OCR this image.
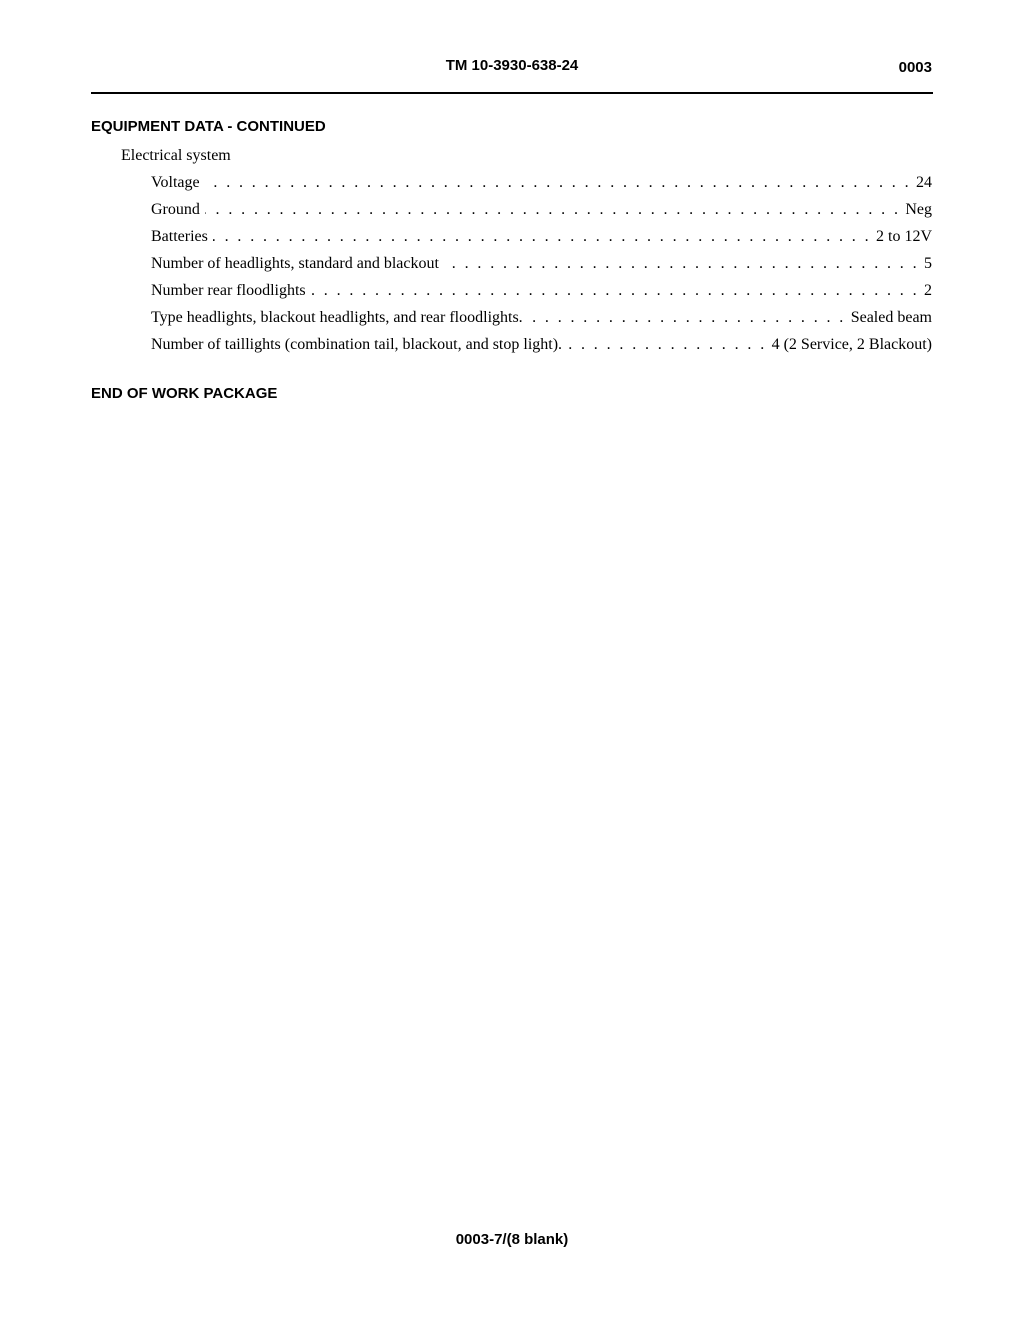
TM 10-3930-638-24	0003
EQUIPMENT DATA - CONTINUED
Electrical system
Voltage . . .	24
Ground . . .	Neg
Batteries . . .	2 to 12V
Number of headlights, standard and blackout . . .	5
Number rear floodlights . . .	2
Type headlights, blackout headlights, and rear floodlights. . . .	Sealed beam
Number of taillights (combination tail, blackout, and stop light). . . .	4 (2 Service, 2 Blackout)
END OF WORK PACKAGE
0003-7/(8 blank)
